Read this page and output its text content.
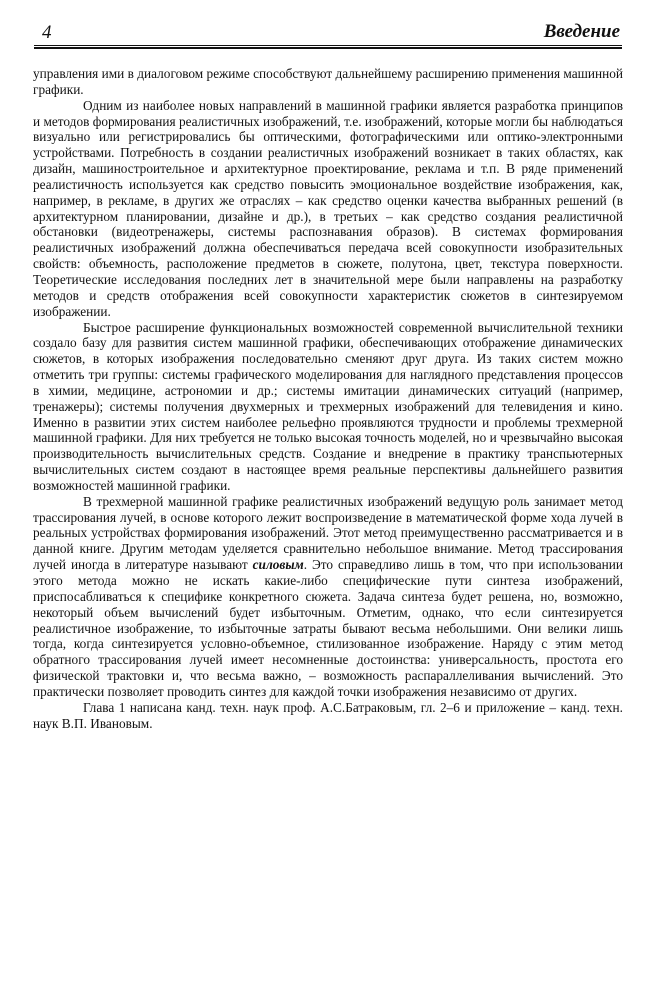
4	Введение

управления ими в диалоговом режиме способствуют дальнейшему расширению применения машинной графики.

Одним из наиболее новых направлений в машинной графики является разработка принципов и методов формирования реалистичных изображений, т.е. изображений, которые могли бы наблюдаться визуально или регистрировались бы оптическими, фотографическими или оптико-электронными устройствами. Потребность в создании реалистичных изображений возникает в таких областях, как дизайн, машиностроительное и архитектурное проектирование, реклама и т.п. В ряде применений реалистичность используется как средство повысить эмоциональное воздействие изображения, как, например, в рекламе, в других же отраслях – как средство оценки качества выбранных решений (в архитектурном планировании, дизайне и др.), в третьих – как средство создания реалистичной обстановки (видеотренажеры, системы распознавания образов). В системах формирования реалистичных изображений должна обеспечиваться передача всей совокупности изобразительных свойств: объемность, расположение предметов в сюжете, полутона, цвет, текстура поверхности. Теоретические исследования последних лет в значительной мере были направлены на разработку методов и средств отображения всей совокупности характеристик сюжетов в синтезируемом изображении.

Быстрое расширение функциональных возможностей современной вычислительной техники создало базу для развития систем машинной графики, обеспечивающих отображение динамических сюжетов, в которых изображения последовательно сменяют друг друга. Из таких систем можно отметить три группы: системы графического моделирования для наглядного представления процессов в химии, медицине, астрономии и др.; системы имитации динамических ситуаций (например, тренажеры); системы получения двухмерных и трехмерных изображений для телевидения и кино. Именно в развитии этих систем наиболее рельефно проявляются трудности и проблемы трехмерной машинной графики. Для них требуется не только высокая точность моделей, но и чрезвычайно высокая производительность вычислительных средств. Создание и внедрение в практику транспьютерных вычислительных систем создают в настоящее время реальные перспективы дальнейшего развития возможностей машинной графики.

В трехмерной машинной графике реалистичных изображений ведущую роль занимает метод трассирования лучей, в основе которого лежит воспроизведение в математической форме хода лучей в реальных устройствах формирования изображений. Этот метод преимущественно рассматривается и в данной книге. Другим методам уделяется сравнительно небольшое внимание. Метод трассирования лучей иногда в литературе называют силовым. Это справедливо лишь в том, что при использовании этого метода можно не искать какие-либо специфические пути синтеза изображений, приспосабливаться к специфике конкретного сюжета. Задача синтеза будет решена, но, возможно, некоторый объем вычислений будет избыточным. Отметим, однако, что если синтезируется реалистичное изображение, то избыточные затраты бывают весьма небольшими. Они велики лишь тогда, когда синтезируется условно-объемное, стилизованное изображение. Наряду с этим метод обратного трассирования лучей имеет несомненные достоинства: универсальность, простота его физической трактовки и, что весьма важно, – возможность распараллеливания вычислений. Это практически позволяет проводить синтез для каждой точки изображения независимо от других.

Глава 1 написана канд. техн. наук проф. А.С.Батраковым, гл. 2–6 и приложение – канд. техн. наук В.П. Ивановым.
